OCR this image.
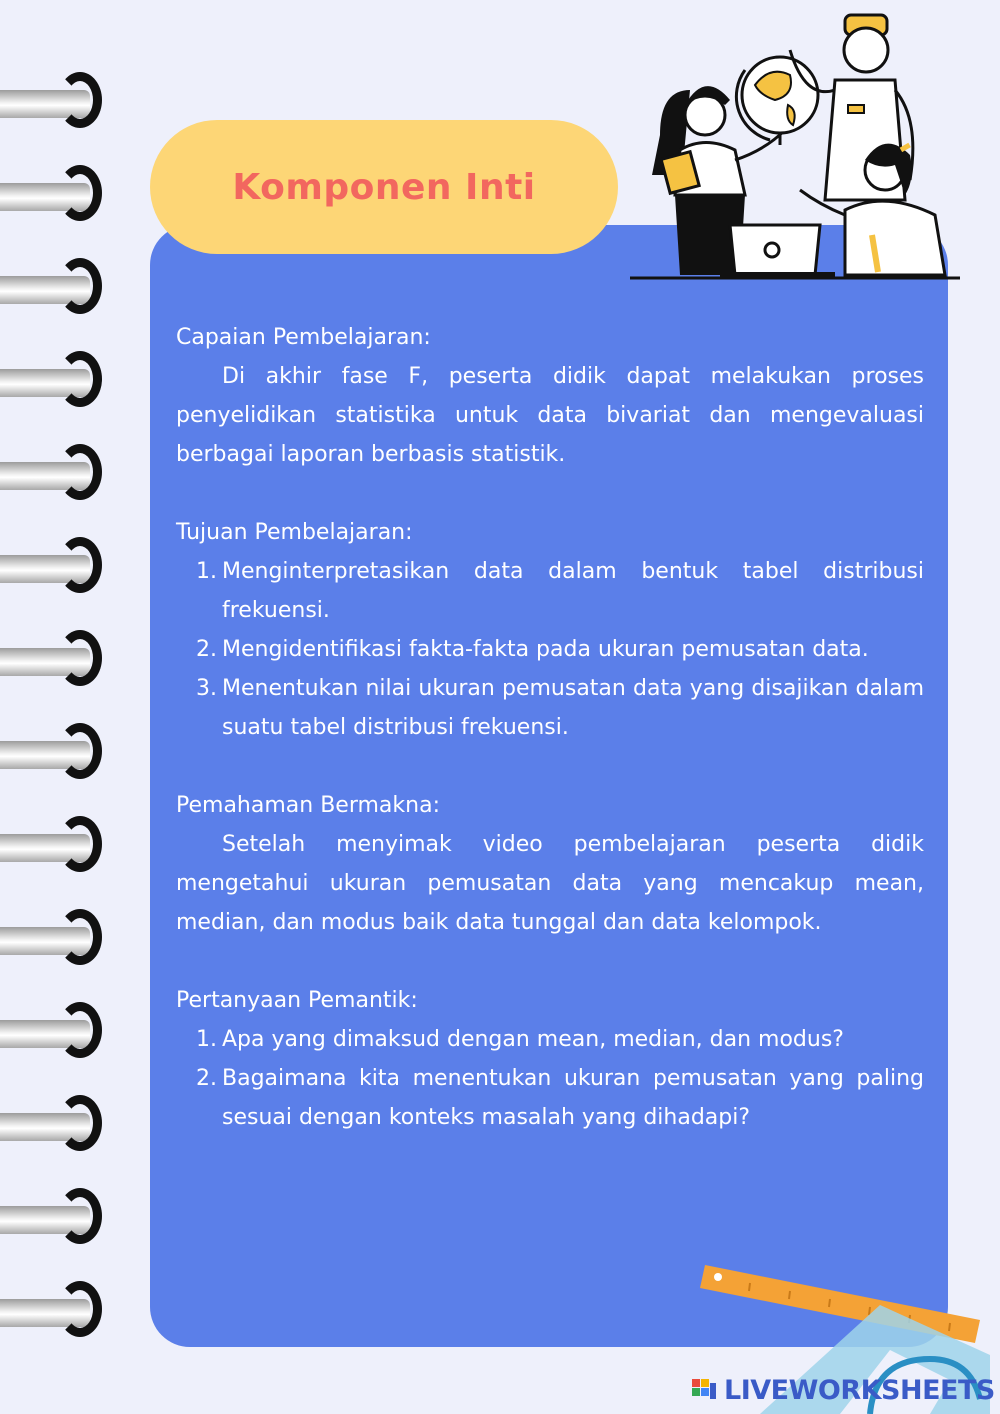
Komponen Inti

Capaian Pembelajaran:

Di akhir fase F, peserta didik dapat melakukan proses penyelidikan statistika untuk data bivariat dan mengevaluasi berbagai laporan berbasis statistik.

Tujuan Pembelajaran:

1. Menginterpretasikan data dalam bentuk tabel distribusi frekuensi.
2. Mengidentifikasi fakta-fakta pada ukuran pemusatan data.
3. Menentukan nilai ukuran pemusatan data yang disajikan dalam suatu tabel distribusi frekuensi.

Pemahaman Bermakna:

Setelah menyimak video pembelajaran peserta didik mengetahui ukuran pemusatan data yang mencakup mean, median, dan modus baik data tunggal dan data kelompok.

Pertanyaan Pemantik:

1. Apa yang dimaksud dengan mean, median, dan modus?
2. Bagaimana kita menentukan ukuran pemusatan yang paling sesuai dengan konteks masalah yang dihadapi?
LIVEWORKSHEETS
